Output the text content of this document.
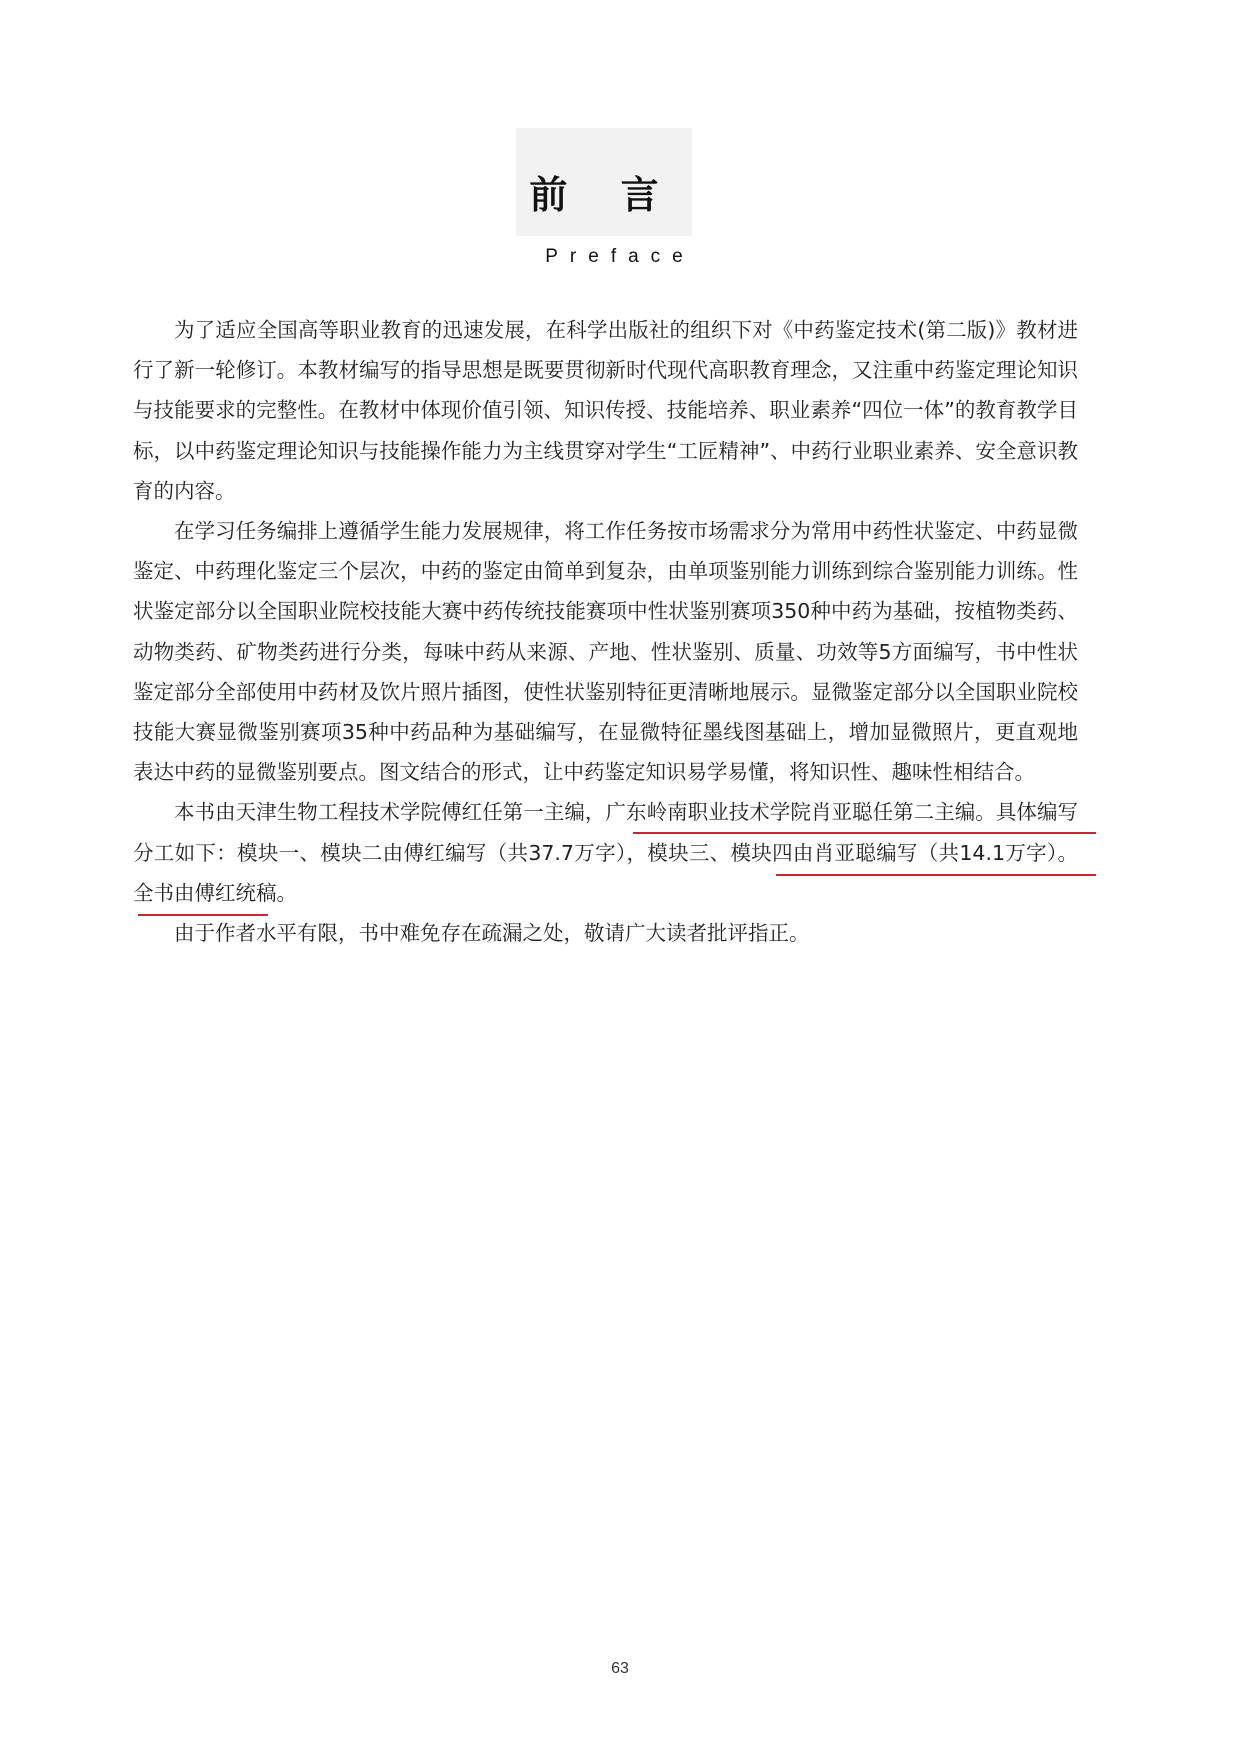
前 言
Preface

为了适应全国高等职业教育的迅速发展，在科学出版社的组织下对《中药鉴定技术(第二版)》教材进行了新一轮修订。本教材编写的指导思想是既要贯彻新时代现代高职教育理念，又注重中药鉴定理论知识与技能要求的完整性。在教材中体现价值引领、知识传授、技能培养、职业素养“四位一体”的教育教学目标，以中药鉴定理论知识与技能操作能力为主线贯穿对学生“工匠精神”、中药行业职业素养、安全意识教育的内容。

在学习任务编排上遵循学生能力发展规律，将工作任务按市场需求分为常用中药性状鉴定、中药显微鉴定、中药理化鉴定三个层次，中药的鉴定由简单到复杂，由单项鉴别能力训练到综合鉴别能力训练。性状鉴定部分以全国职业院校技能大赛中药传统技能赛项中性状鉴别赛项350种中药为基础，按植物类药、动物类药、矿物类药进行分类，每味中药从来源、产地、性状鉴别、质量、功效等5方面编写，书中性状鉴定部分全部使用中药材及饮片照片插图，使性状鉴别特征更清晰地展示。显微鉴定部分以全国职业院校技能大赛显微鉴别赛项35种中药品种为基础编写，在显微特征墨线图基础上，增加显微照片，更直观地表达中药的显微鉴别要点。图文结合的形式，让中药鉴定知识易学易懂，将知识性、趣味性相结合。

本书由天津生物工程技术学院傅红任第一主编，广东岭南职业技术学院肖亚聪任第二主编。具体编写分工如下：模块一、模块二由傅红编写（共37.7万字），模块三、模块四由肖亚聪编写（共14.1万字）。全书由傅红统稿。

由于作者水平有限，书中难免存在疏漏之处，敬请广大读者批评指正。

63
